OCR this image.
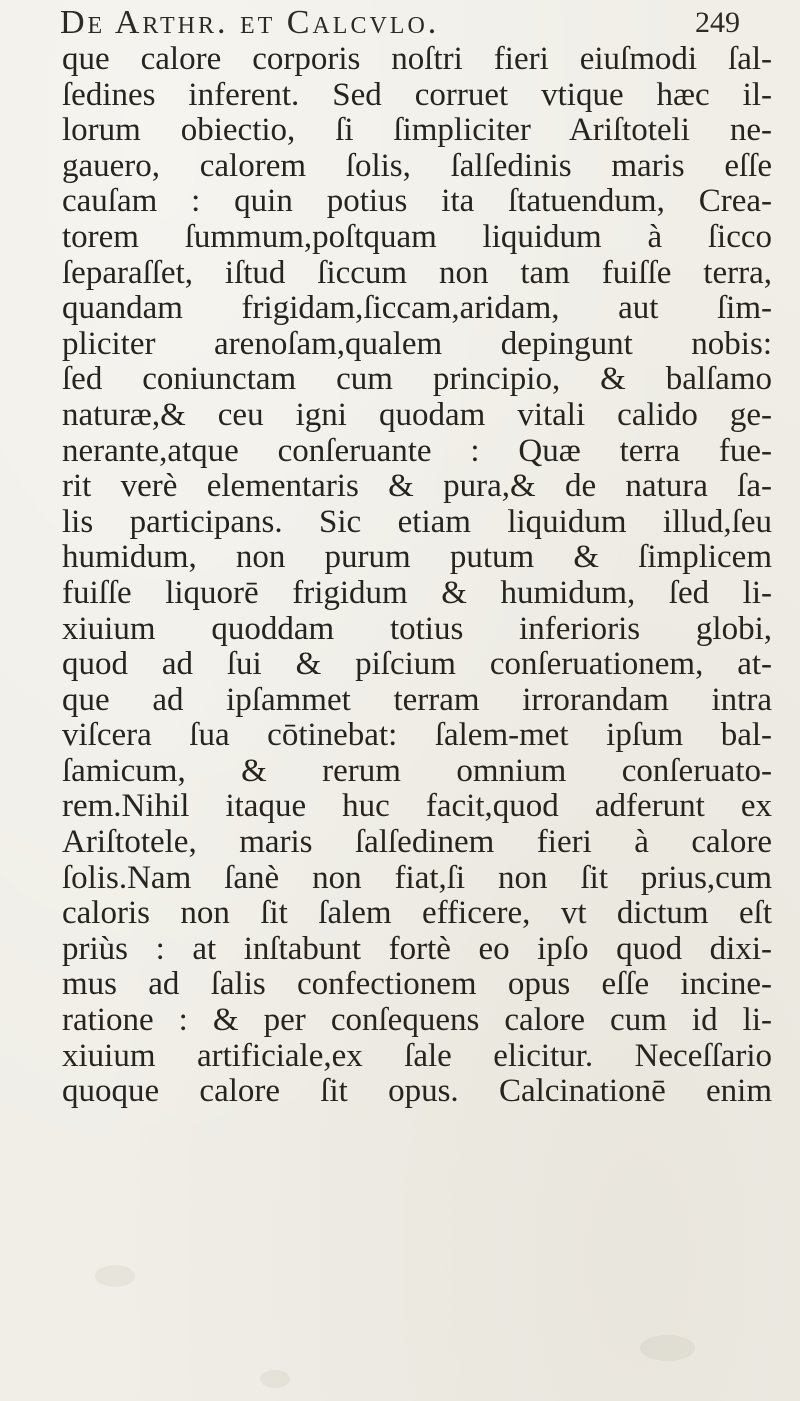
De Arthr. et Calcvlo.	249
que calore corporis noſtri fieri eiuſmodi ſal-
ſedines inferent. Sed corruet vtique hæc il-
lorum obiectio, ſi ſimpliciter Ariſtoteli ne-
gauero, calorem ſolis, ſalſedinis maris eſſe
cauſam : quin potius ita ſtatuendum, Crea-
torem ſummum,poſtquam liquidum à ſicco
ſeparaſſet, iſtud ſiccum non tam fuiſſe terra,
quandam frigidam,ſiccam,aridam, aut ſim-
pliciter arenoſam,qualem depingunt nobis:
ſed coniunctam cum principio, & balſamo
naturæ,& ceu igni quodam vitali calido ge-
nerante,atque conſeruante : Quæ terra fue-
rit verè elementaris & pura,& de natura ſa-
lis participans. Sic etiam liquidum illud,ſeu
humidum, non purum putum & ſimplicem
fuiſſe liquorē frigidum & humidum, ſed li-
xiuium quoddam totius inferioris globi,
quod ad ſui & piſcium conſeruationem, at-
que ad ipſammet terram irrorandam intra
viſcera ſua cōtinebat: ſalem-met ipſum bal-
ſamicum, & rerum omnium conſeruato-
rem.Nihil itaque huc facit,quod adferunt ex
Ariſtotele, maris ſalſedinem fieri à calore
ſolis.Nam ſanè non fiat,ſi non ſit prius,cum
caloris non ſit ſalem efficere, vt dictum eſt
priùs : at inſtabunt fortè eo ipſo quod dixi-
mus ad ſalis confectionem opus eſſe incine-
ratione : & per conſequens calore cum id li-
xiuium artificiale,ex ſale elicitur. Neceſſario
quoque calore ſit opus. Calcinationē enim
